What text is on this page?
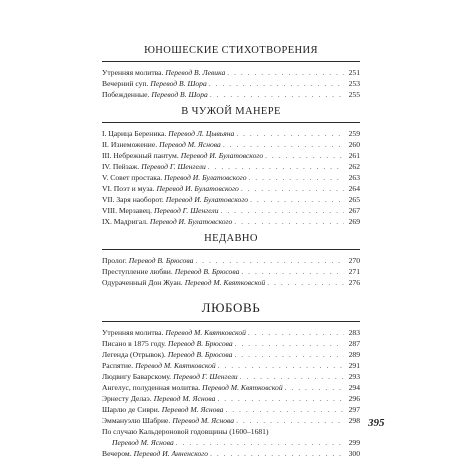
ЮНОШЕСКИЕ СТИХОТВОРЕНИЯ
Утренняя молитва. Перевод В. Левика . . .	251
Вечерний суп. Перевод В. Шора . . .	253
Побежденные. Перевод В. Шора . . .	255
В ЧУЖОЙ МАНЕРЕ
I. Царица Береника. Перевод Л. Цывьяна . . .	259
II. Изнеможение. Перевод М. Яснова . . .	260
III. Небрежный пантум. Перевод И. Булатовского . . .	261
IV. Пейзаж. Перевод Г. Шенгели . . .	262
V. Совет простака. Перевод И. Булатовского . . .	263
VI. Поэт и муза. Перевод И. Булатовского . . .	264
VII. Заря наоборот. Перевод И. Булатовского . . .	265
VIII. Мерзавец. Перевод Г. Шенгели . . .	267
IX. Мадригал. Перевод И. Булатовского . . .	269
НЕДАВНО
Пролог. Перевод В. Брюсова . . .	270
Преступление любви. Перевод В. Брюсова . . .	271
Одураченный Дон Жуан. Перевод М. Квятковской . . .	276
ЛЮБОВЬ
Утренняя молитва. Перевод М. Квятковской . . .	283
Писано в 1875 году. Перевод В. Брюсова . . .	287
Легенда (Отрывок). Перевод В. Брюсова . . .	289
Распятие. Перевод М. Квятковской . . .	291
Людвигу Баварскому. Перевод Г. Шенгели . . .	293
Ангелус, полуденная молитва. Перевод М. Квятковской . . .	294
Эрнесту Делаэ. Перевод М. Яснова . . .	296
Шарлю де Сиври. Перевод М. Яснова . . .	297
Эммануэлю Шабрие. Перевод М. Яснова . . .	298
По случаю Кальдероновой годовщины (1600–1681)
Перевод М. Яснова . . .	299
Вечером. Перевод И. Анненского . . .	300
395
